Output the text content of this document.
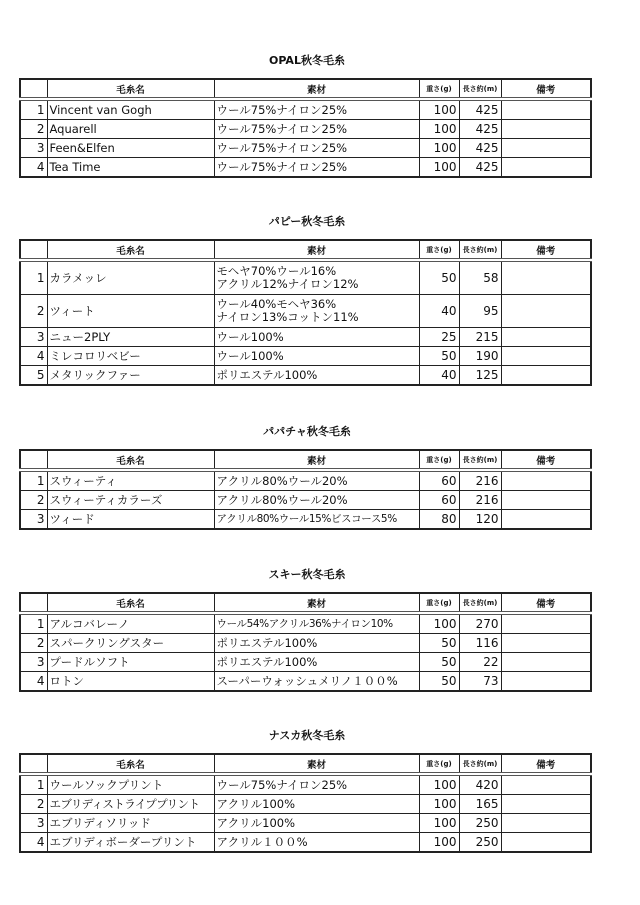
OPAL秋冬毛糸
	毛糸名	素材	重さ(g)	長さ約(m)	備考
1	Vincent van Gogh	ウール75%ナイロン25%	100	425	
2	Aquarell	ウール75%ナイロン25%	100	425	
3	Feen&Elfen	ウール75%ナイロン25%	100	425	
4	Tea Time	ウール75%ナイロン25%	100	425	
パピー秋冬毛糸
	毛糸名	素材	重さ(g)	長さ約(m)	備考
1	カラメッレ	モヘヤ70%ウール16%
アクリル12%ナイロン12%	50	58	
2	ツィート	ウール40%モヘヤ36%
ナイロン13%コットン11%	40	95	
3	ニュー2PLY	ウール100%	25	215	
4	ミレコロリベビー	ウール100%	50	190	
5	メタリックファー	ポリエステル100%	40	125	
パパチャ秋冬毛糸
	毛糸名	素材	重さ(g)	長さ約(m)	備考
1	スウィーティ	アクリル80%ウール20%	60	216	
2	スウィーティカラーズ	アクリル80%ウール20%	60	216	
3	ツィード	アクリル80%ウール15%ビスコース5%	80	120	
スキー秋冬毛糸
	毛糸名	素材	重さ(g)	長さ約(m)	備考
1	アルコバレーノ	ウール54%アクリル36%ナイロン10%	100	270	
2	スパークリングスター	ポリエステル100%	50	116	
3	プードルソフト	ポリエステル100%	50	22	
4	ロトン	スーパーウォッシュメリノ１００%	50	73	
ナスカ秋冬毛糸
	毛糸名	素材	重さ(g)	長さ約(m)	備考
1	ウールソックプリント	ウール75%ナイロン25%	100	420	
2	エブリディストライププリント	アクリル100%	100	165	
3	エブリディソリッド	アクリル100%	100	250	
4	エブリディボーダープリント	アクリル１００%	100	250	
